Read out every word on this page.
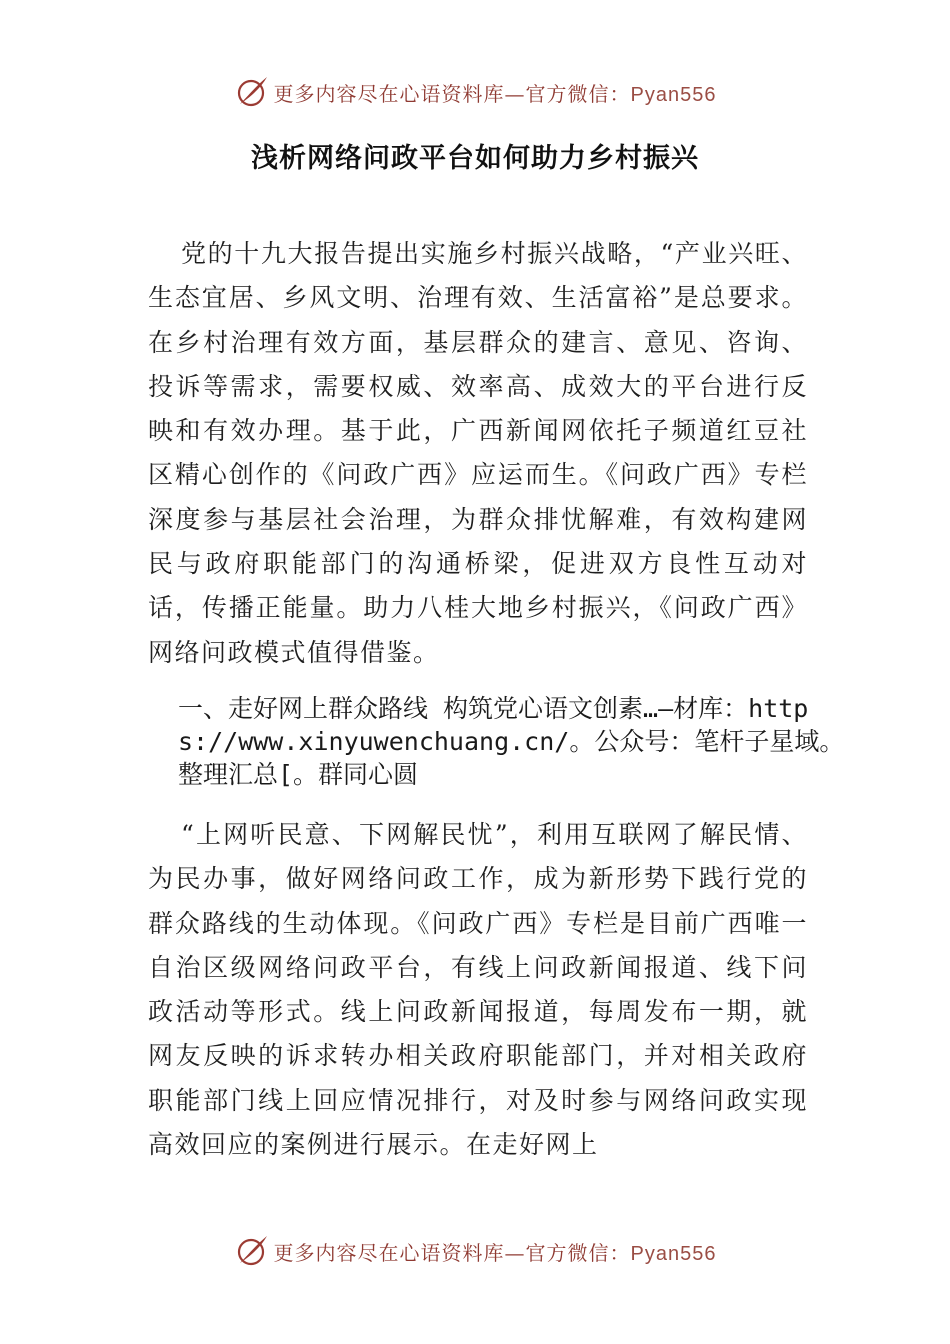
更多内容尽在心语资料库—官方微信：Pyan556
浅析网络问政平台如何助力乡村振兴

党的十九大报告提出实施乡村振兴战略，“产业兴旺、生态宜居、乡风文明、治理有效、生活富裕”是总要求。在乡村治理有效方面，基层群众的建言、意见、咨询、投诉等需求，需要权威、效率高、成效大的平台进行反映和有效办理。基于此，广西新闻网依托子频道红豆社区精心创作的《问政广西》应运而生。《问政广西》专栏深度参与基层社会治理，为群众排忧解难，有效构建网民与政府职能部门的沟通桥梁，促进双方良性互动对话，传播正能量。助力八桂大地乡村振兴，《问政广西》网络问政模式值得借鉴。

一、走好网上群众路线 构筑党心语文创素…—材库：https://www.xinyuwenchuang.cn/。公众号：笔杆子星域。整理汇总[。群同心圆

“上网听民意、下网解民忧”，利用互联网了解民情、为民办事，做好网络问政工作，成为新形势下践行党的群众路线的生动体现。《问政广西》专栏是目前广西唯一自治区级网络问政平台，有线上问政新闻报道、线下问政活动等形式。线上问政新闻报道，每周发布一期，就网友反映的诉求转办相关政府职能部门，并对相关政府职能部门线上回应情况排行，对及时参与网络问政实现高效回应的案例进行展示。在走好网上

更多内容尽在心语资料库—官方微信：Pyan556
